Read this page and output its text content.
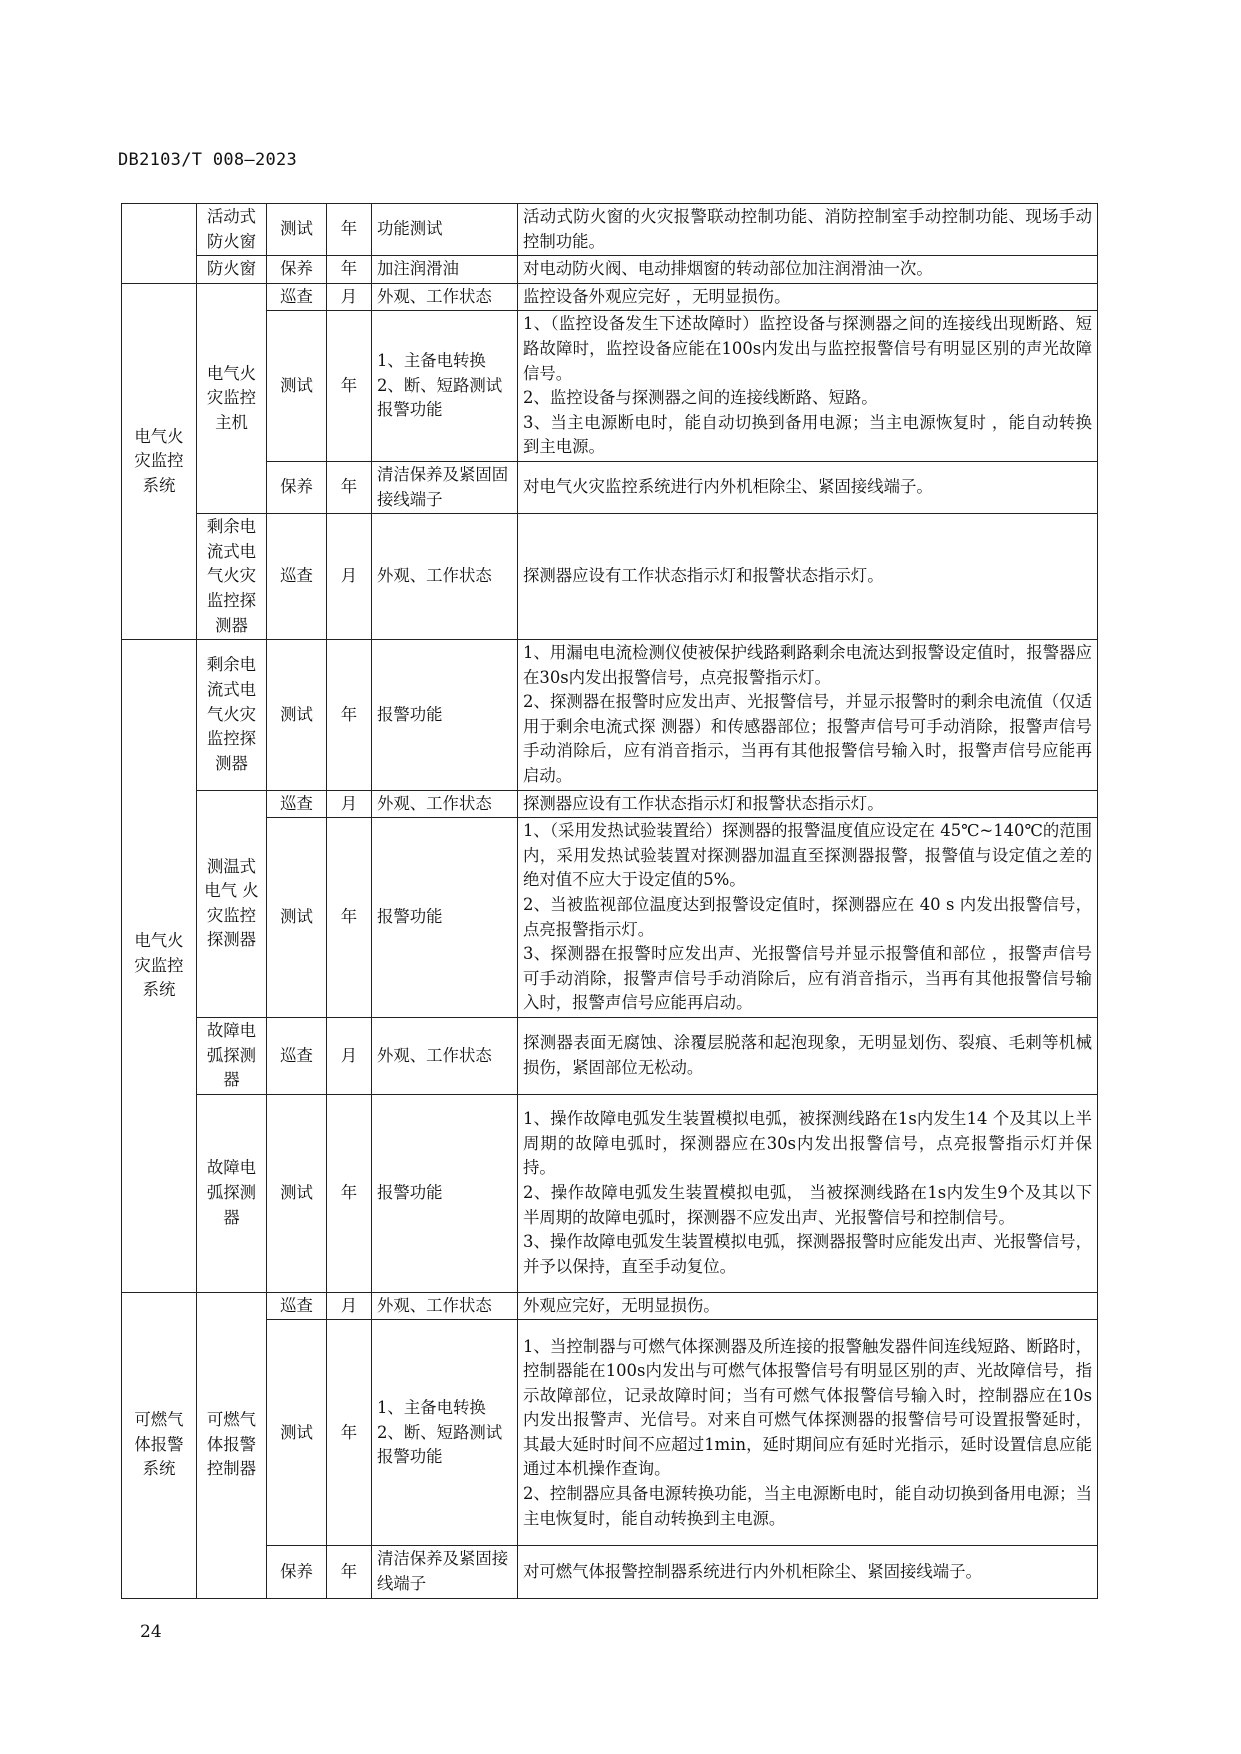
DB2103/T 008—2023
	活动式防火窗	测试	年	功能测试	活动式防火窗的火灾报警联动控制功能、消防控制室手动控制功能、现场手动控制功能。
	防火窗	保养	年	加注润滑油	对电动防火阀、电动排烟窗的转动部位加注润滑油一次。
电气火灾监控系统	电气火灾监控主机	巡查	月	外观、工作状态	监控设备外观应完好 ，无明显损伤。
		测试	年	1、主备电转换
2、断、短路测试报警功能	1、（监控设备发生下述故障时）监控设备与探测器之间的连接线出现断路、短路故障时，监控设备应能在100s内发出与监控报警信号有明显区别的声光故障信号。
2、监控设备与探测器之间的连接线断路、短路。
3、当主电源断电时，能自动切换到备用电源；当主电源恢复时 ，能自动转换到主电源。
		保养	年	清洁保养及紧固固接线端子	对电气火灾监控系统进行内外机柜除尘、紧固接线端子。
	剩余电流式电气火灾监控探测器	巡查	月	外观、工作状态	探测器应设有工作状态指示灯和报警状态指示灯。
电气火灾监控系统	剩余电流式电气火灾监控探测器	测试	年	报警功能	1、用漏电电流检测仪使被保护线路剩路剩余电流达到报警设定值时，报警器应在30s内发出报警信号，点亮报警指示灯。
2、探测器在报警时应发出声、光报警信号，并显示报警时的剩余电流值（仅适用于剩余电流式探 测器）和传感器部位；报警声信号可手动消除，报警声信号手动消除后，应有消音指示，当再有其他报警信号输入时，报警声信号应能再启动。
	测温式电气 火灾监控探测器	巡查	月	外观、工作状态	探测器应设有工作状态指示灯和报警状态指示灯。
		测试	年	报警功能	1、（采用发热试验装置给）探测器的报警温度值应设定在 45℃~140℃的范围内，采用发热试验装置对探测器加温直至探测器报警，报警值与设定值之差的绝对值不应大于设定值的5%。
2、当被监视部位温度达到报警设定值时，探测器应在 40 s 内发出报警信号，点亮报警指示灯。
3、探测器在报警时应发出声、光报警信号并显示报警值和部位 ，报警声信号可手动消除，报警声信号手动消除后，应有消音指示，当再有其他报警信号输入时，报警声信号应能再启动。
	故障电弧探测器	巡查	月	外观、工作状态	探测器表面无腐蚀、涂覆层脱落和起泡现象，无明显划伤、裂痕、毛刺等机械损伤，紧固部位无松动。
	故障电弧探测器	测试	年	报警功能	1、操作故障电弧发生装置模拟电弧，被探测线路在1s内发生14 个及其以上半周期的故障电弧时，探测器应在30s内发出报警信号，点亮报警指示灯并保持。
2、操作故障电弧发生装置模拟电弧， 当被探测线路在1s内发生9个及其以下半周期的故障电弧时，探测器不应发出声、光报警信号和控制信号。
3、操作故障电弧发生装置模拟电弧，探测器报警时应能发出声、光报警信号，并予以保持，直至手动复位。
可燃气体报警系统	可燃气体报警控制器	巡查	月	外观、工作状态	外观应完好，无明显损伤。
		测试	年	1、主备电转换
2、断、短路测试报警功能	1、当控制器与可燃气体探测器及所连接的报警触发器件间连线短路、断路时，控制器能在100s内发出与可燃气体报警信号有明显区别的声、光故障信号，指示故障部位，记录故障时间；当有可燃气体报警信号输入时，控制器应在10s内发出报警声、光信号。对来自可燃气体探测器的报警信号可设置报警延时，其最大延时时间不应超过1min，延时期间应有延时光指示，延时设置信息应能通过本机操作查询。
2、控制器应具备电源转换功能，当主电源断电时，能自动切换到备用电源；当主电恢复时，能自动转换到主电源。
		保养	年	清洁保养及紧固接线端子	对可燃气体报警控制器系统进行内外机柜除尘、紧固接线端子。
24
